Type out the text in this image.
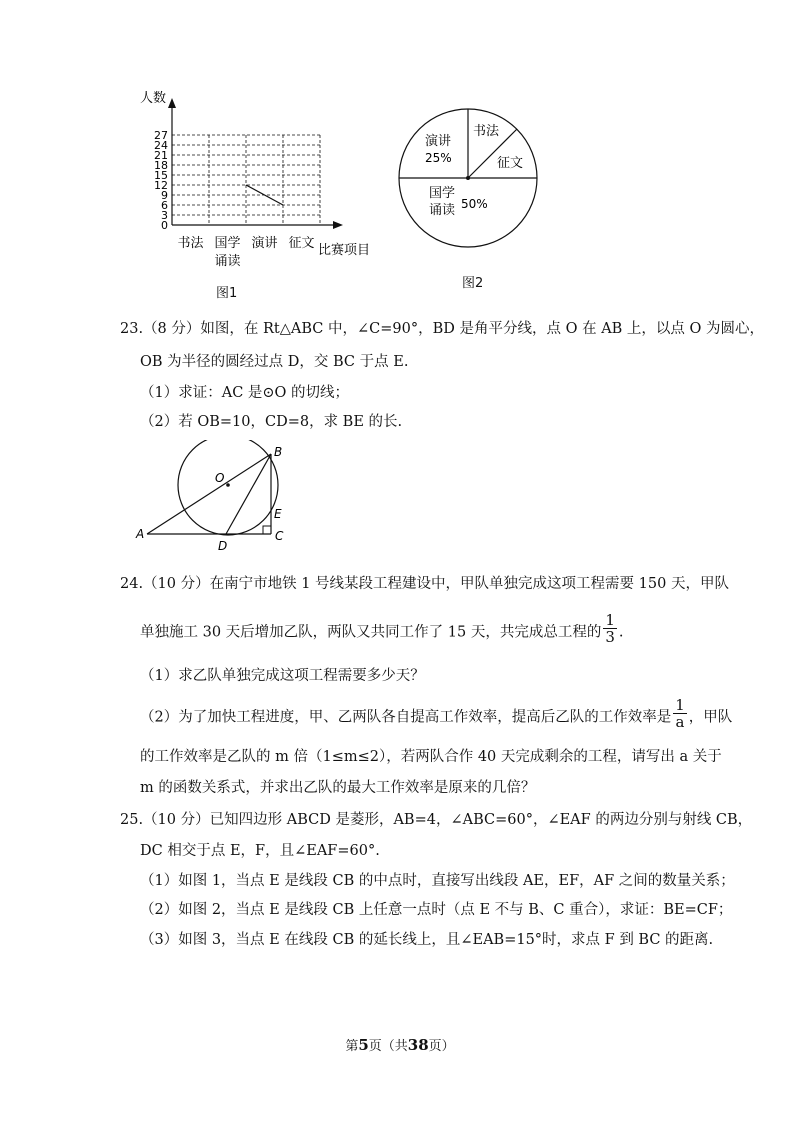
0
3
6
9
12
15
18
21
24
27
人数
书法 国学
诵读
演讲 征文 比赛项目
图1
演讲
25%
书法
征文
国学
诵读 50%
图2
23.（8 分）如图，在 Rt△ABC 中，∠C=90°，BD 是角平分线，点 O 在 AB 上，以点 O 为圆心，
OB 为半径的圆经过点 D，交 BC 于点 E.
（1）求证：AC 是⊙O 的切线；
（2）若 OB=10，CD=8，求 BE 的长.
O
B
E
A
D
C
24.（10 分）在南宁市地铁 1 号线某段工程建设中，甲队单独完成这项工程需要 150 天，甲队
单独施工 30 天后增加乙队，两队又共同工作了 15 天，共完成总工程的 $\frac{1}{3}$ .
（1）求乙队单独完成这项工程需要多少天？
（2）为了加快工程进度，甲、乙两队各自提高工作效率，提高后乙队的工作效率是 $\frac{1}{a}$ ，甲队
的工作效率是乙队的 m 倍（1≤m≤2），若两队合作 40 天完成剩余的工程，请写出 a 关于
m 的函数关系式，并求出乙队的最大工作效率是原来的几倍？
25.（10 分）已知四边形 ABCD 是菱形，AB=4，∠ABC=60°，∠EAF 的两边分别与射线 CB，
DC 相交于点 E，F，且∠EAF=60°.
（1）如图 1，当点 E 是线段 CB 的中点时，直接写出线段 AE，EF，AF 之间的数量关系；
（2）如图 2，当点 E 是线段 CB 上任意一点时（点 E 不与 B、C 重合），求证：BE=CF；
（3）如图 3，当点 E 在线段 CB 的延长线上，且∠EAB=15°时，求点 F 到 BC 的距离.
第5页（共38页）
